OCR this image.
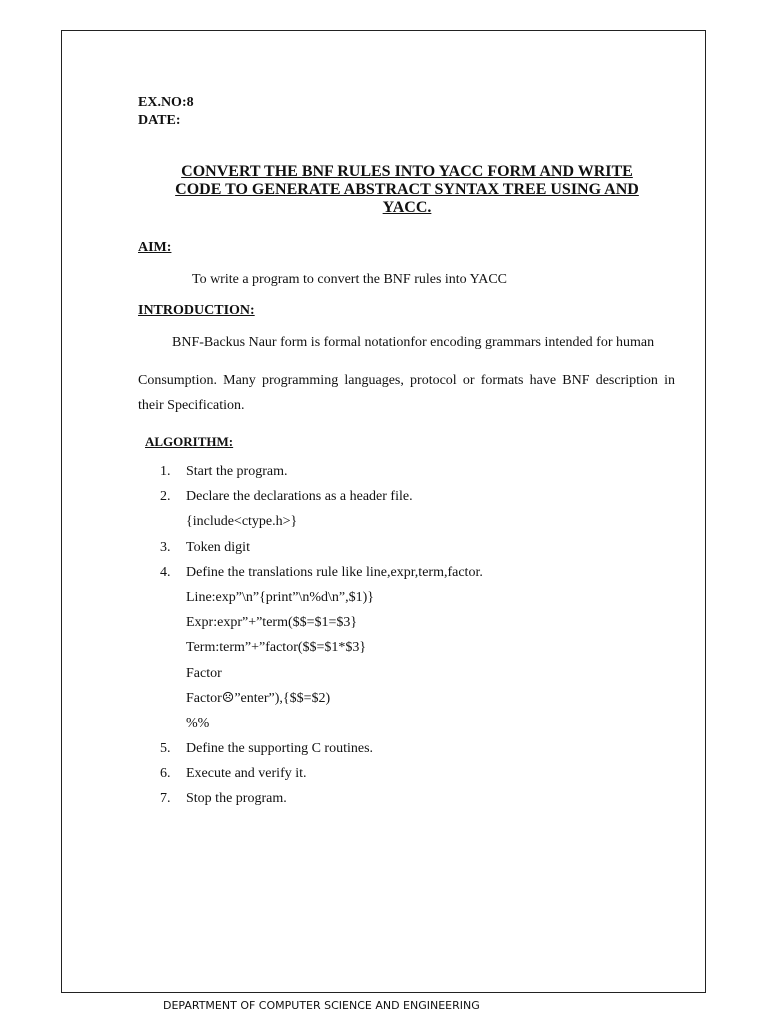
EX.NO:8
DATE:
CONVERT THE BNF RULES INTO YACC FORM AND WRITE
CODE TO GENERATE ABSTRACT SYNTAX TREE USING AND
YACC.
AIM:
To write a program to convert the BNF rules into YACC
INTRODUCTION:
BNF-Backus Naur form is formal notationfor encoding grammars intended for human
Consumption. Many programming languages, protocol or formats have BNF description in their Specification.
ALGORITHM:
1.	Start the program.
2.	Declare the declarations as a header file.
{include<ctype.h>}
3.	Token digit
4.	Define the translations rule like line,expr,term,factor.
Line:exp”\n”{print”\n%d\n”,$1)}
Expr:expr”+”term($$=$1=$3}
Term:term”+”factor($$=$1*$3}
Factor
Factor☹”enter”),{$$=$2)
%%
5.	Define the supporting C routines.
6.	Execute and verify it.
7.	Stop the program.
DEPARTMENT OF COMPUTER SCIENCE AND ENGINEERING
